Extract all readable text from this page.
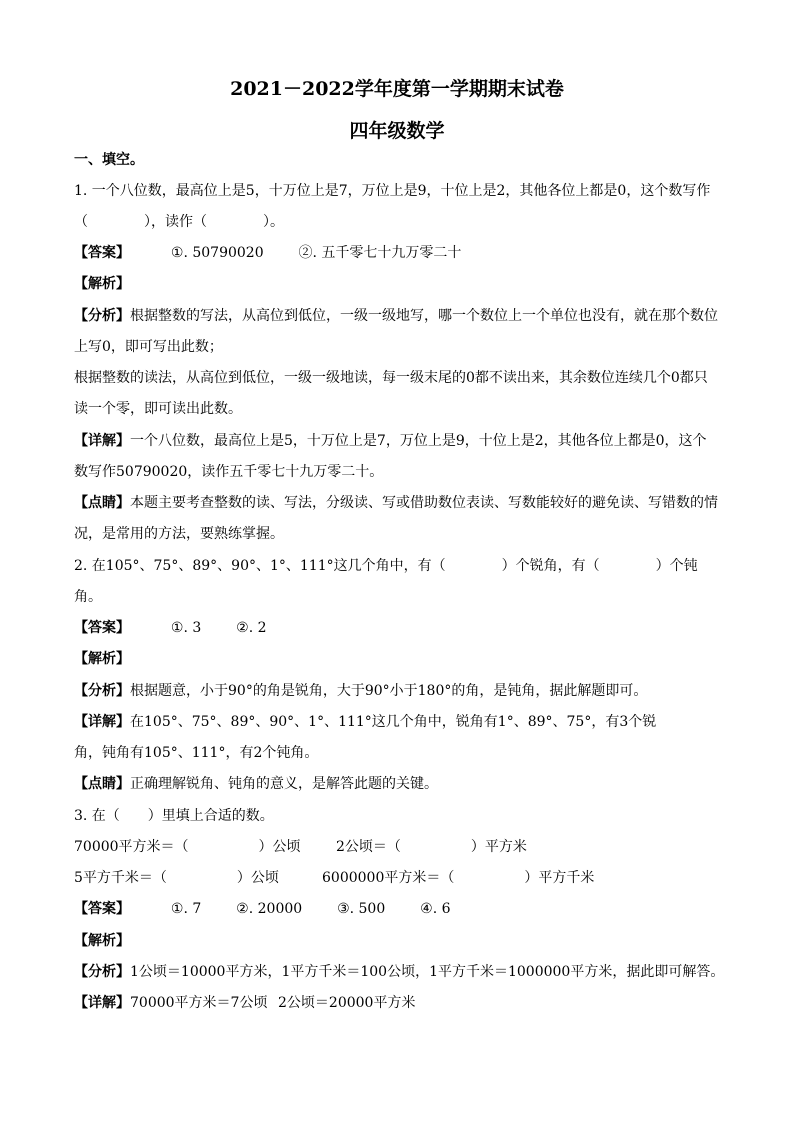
2021－2022学年度第一学期期末试卷
四年级数学
一、填空。
1. 一个八位数，最高位上是5，十万位上是7，万位上是9，十位上是2，其他各位上都是0，这个数写作
（　　　　），读作（　　　　）。
【答案】	①. 50790020 ②. 五千零七十九万零二十
【解析】
【分析】根据整数的写法，从高位到低位，一级一级地写，哪一个数位上一个单位也没有，就在那个数位
上写0，即可写出此数；
根据整数的读法，从高位到低位，一级一级地读，每一级末尾的0都不读出来，其余数位连续几个0都只
读一个零，即可读出此数。
【详解】一个八位数，最高位上是5，十万位上是7，万位上是9，十位上是2，其他各位上都是0，这个
数写作50790020，读作五千零七十九万零二十。
【点睛】本题主要考查整数的读、写法，分级读、写或借助数位表读、写数能较好的避免读、写错数的情
况，是常用的方法，要熟练掌握。
2. 在105°、75°、89°、90°、1°、111°这几个角中，有（　　　　）个锐角，有（　　　　）个钝
角。
【答案】	①. 3 ②. 2
【解析】
【分析】根据题意，小于90°的角是锐角，大于90°小于180°的角，是钝角，据此解题即可。
【详解】在105°、75°、89°、90°、1°、111°这几个角中，锐角有1°、89°、75°，有3个锐
角，钝角有105°、111°，有2个钝角。
【点睛】正确理解锐角、钝角的意义，是解答此题的关键。
3. 在（　　）里填上合适的数。
70000平方米＝（　　　　　）公顷	2公顷＝（　　　　　）平方米
5平方千米＝（　　　　　）公顷	6000000平方米＝（　　　　　）平方千米
【答案】	①. 7 ②. 20000 ③. 500 ④. 6
【解析】
【分析】1公顷＝10000平方米，1平方千米＝100公顷，1平方千米＝1000000平方米，据此即可解答。
【详解】70000平方米＝7公顷 2公顷＝20000平方米
